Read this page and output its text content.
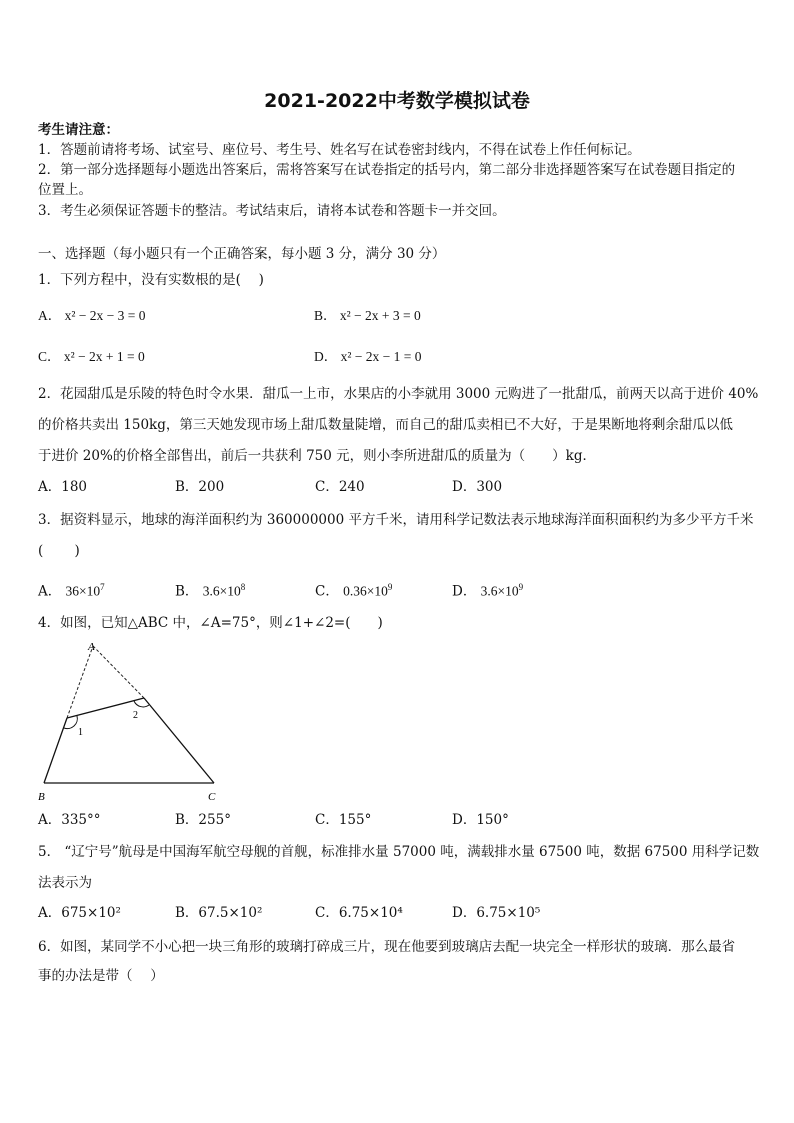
2021-2022中考数学模拟试卷
考生请注意：
1．答题前请将考场、试室号、座位号、考生号、姓名写在试卷密封线内，不得在试卷上作任何标记。
2．第一部分选择题每小题选出答案后，需将答案写在试卷指定的括号内，第二部分非选择题答案写在试卷题目指定的
位置上。
3．考生必须保证答题卡的整洁。考试结束后，请将本试卷和答题卡一并交回。
一、选择题（每小题只有一个正确答案，每小题 3 分，满分 30 分）
1．下列方程中，没有实数根的是(　 )
A． x² − 2x − 3 = 0	B． x² − 2x + 3 = 0
C． x² − 2x + 1 = 0	D． x² − 2x − 1 = 0
2．花园甜瓜是乐陵的特色时令水果．甜瓜一上市，水果店的小李就用 3000 元购进了一批甜瓜，前两天以高于进价 40%
的价格共卖出 150kg，第三天她发现市场上甜瓜数量陡增，而自己的甜瓜卖相已不大好，于是果断地将剩余甜瓜以低
于进价 20%的价格全部售出，前后一共获利 750 元，则小李所进甜瓜的质量为（　　）kg．
A．180	B．200	C．240	D．300
3．据资料显示，地球的海洋面积约为 360000000 平方千米，请用科学记数法表示地球海洋面积面积约为多少平方千米
(　　 )
A． $36\times 10^7$	B． $3.6\times 10^8$	C． $0.36\times 10^9$	D． $3.6\times 10^9$
4．如图，已知△ABC 中，∠A=75°，则∠1+∠2=(　　)
A
B	C
1
2
A．335°°	B．255°	C．155°	D．150°
5． “辽宁号”航母是中国海军航空母舰的首舰，标准排水量 57000 吨，满载排水量 67500 吨，数据 67500 用科学记数
法表示为
A．675×10²	B．67.5×10²	C．6.75×10⁴	D．6.75×10⁵
6．如图，某同学不小心把一块三角形的玻璃打碎成三片，现在他要到玻璃店去配一块完全一样形状的玻璃．那么最省
事的办法是带（　 ）
